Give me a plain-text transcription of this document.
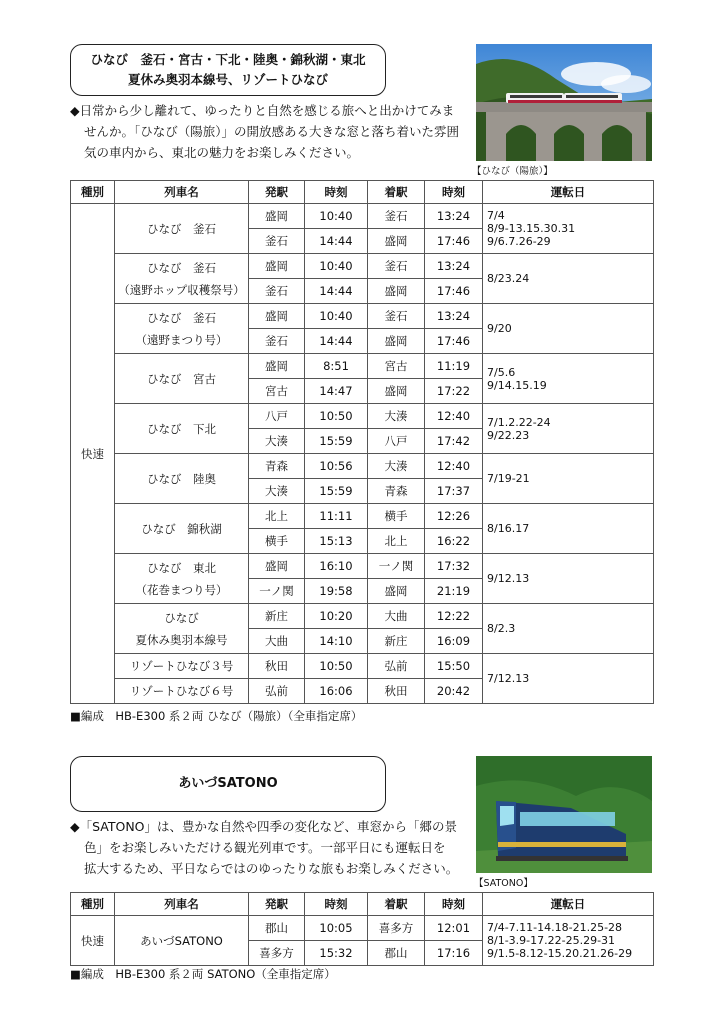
ひなび　釜石・宮古・下北・陸奥・錦秋湖・東北
夏休み奥羽本線号、リゾートひなび
◆日常から少し離れて、ゆったりと自然を感じる旅へと出かけてみま
せんか。「ひなび（陽旅）」の開放感ある大きな窓と落ち着いた雰囲
気の車内から、東北の魅力をお楽しみください。
【ひなび（陽旅）】
種別	列車名	発駅	時刻	着駅	時刻	運転日
快速	ひなび　釜石	盛岡	10:40	釜石	13:24	7/4
8/9-13.15.30.31
9/6.7.26-29

		釜石	14:44	盛岡	17:46	

	ひなび　釜石
（遠野ホップ収穫祭号）	盛岡	10:40	釜石	13:24	8/23.24

		釜石	14:44	盛岡	17:46	

	ひなび　釜石
（遠野まつり号）	盛岡	10:40	釜石	13:24	9/20

		釜石	14:44	盛岡	17:46	

	ひなび　宮古	盛岡	8:51	宮古	11:19	7/5.6
9/14.15.19

		宮古	14:47	盛岡	17:22	

	ひなび　下北	八戸	10:50	大湊	12:40	7/1.2.22-24
9/22.23

		大湊	15:59	八戸	17:42	

	ひなび　陸奥	青森	10:56	大湊	12:40	7/19-21

		大湊	15:59	青森	17:37	

	ひなび　錦秋湖	北上	11:11	横手	12:26	8/16.17

		横手	15:13	北上	16:22	

	ひなび　東北
（花巻まつり号）	盛岡	16:10	一ノ関	17:32	9/12.13

		一ノ関	19:58	盛岡	21:19	

	ひなび
夏休み奥羽本線号	新庄	10:20	大曲	12:22	8/2.3

		大曲	14:10	新庄	16:09	
	リゾートひなび３号	秋田	10:50	弘前	15:50	7/12.13

	リゾートひなび６号	弘前	16:06	秋田	20:42	
■編成　HB-E300 系２両 ひなび（陽旅）（全車指定席）
あいづSATONO
◆「SATONO」は、豊かな自然や四季の変化など、車窓から「郷の景
色」をお楽しみいただける観光列車です。一部平日にも運転日を
拡大するため、平日ならではのゆったりな旅もお楽しみください。
【SATONO】
種別	列車名	発駅	時刻	着駅	時刻	運転日
快速	あいづSATONO	郡山	10:05	喜多方	12:01	7/4-7.11-14.18-21.25-28
8/1-3.9-17.22-25.29-31
9/1.5-8.12-15.20.21.26-29

		喜多方	15:32	郡山	17:16	
■編成　HB-E300 系２両 SATONO（全車指定席）
